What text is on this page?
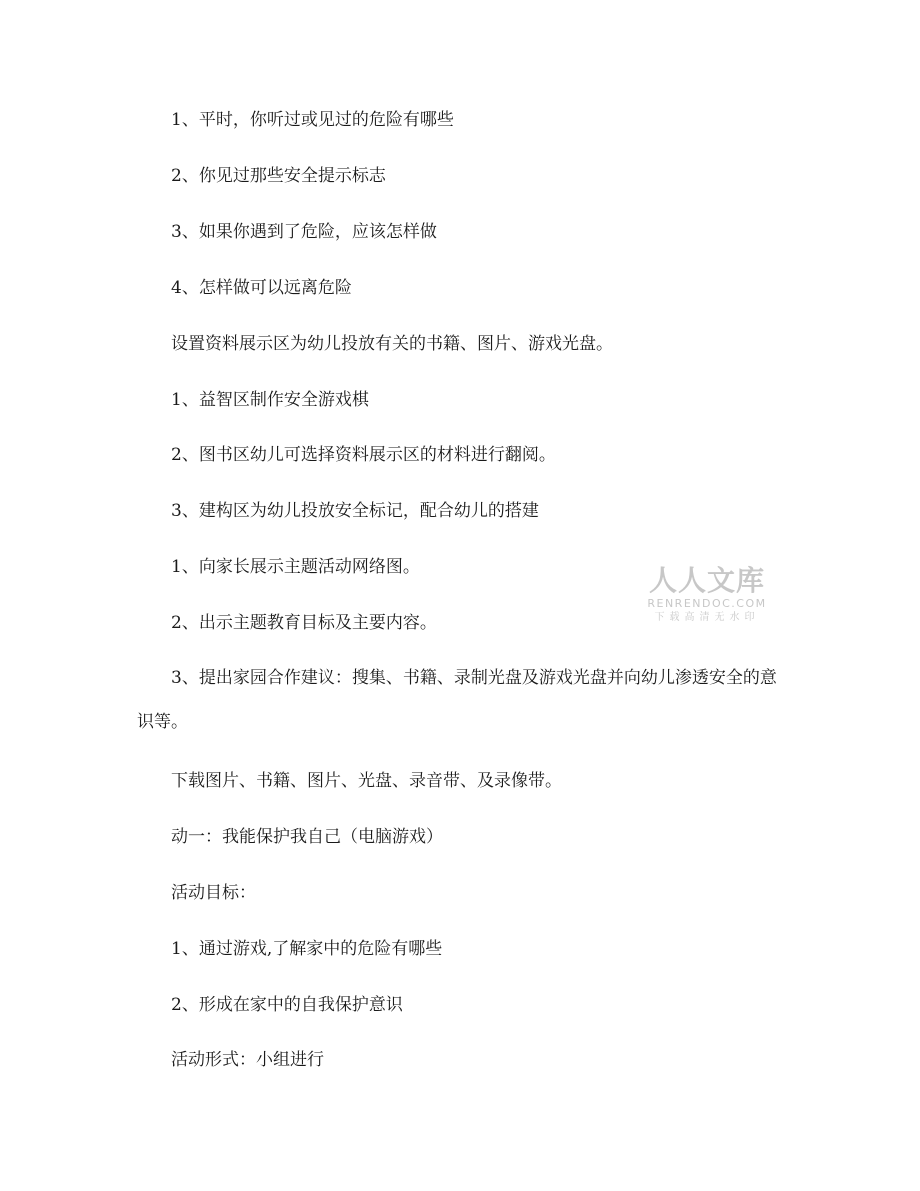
1、平时，你听过或见过的危险有哪些
2、你见过那些安全提示标志
3、如果你遇到了危险，应该怎样做
4、怎样做可以远离危险
设置资料展示区为幼儿投放有关的书籍、图片、游戏光盘。
1、益智区制作安全游戏棋
2、图书区幼儿可选择资料展示区的材料进行翻阅。
3、建构区为幼儿投放安全标记，配合幼儿的搭建
1、向家长展示主题活动网络图。
2、出示主题教育目标及主要内容。
3、提出家园合作建议：搜集、书籍、录制光盘及游戏光盘并向幼儿渗透安全的意识等。
下载图片、书籍、图片、光盘、录音带、及录像带。
动一：我能保护我自己（电脑游戏）
活动目标：
1、通过游戏,了解家中的危险有哪些
2、形成在家中的自我保护意识
活动形式：小组进行
人人文库
RENRENDOC.COM
下载高清无水印
